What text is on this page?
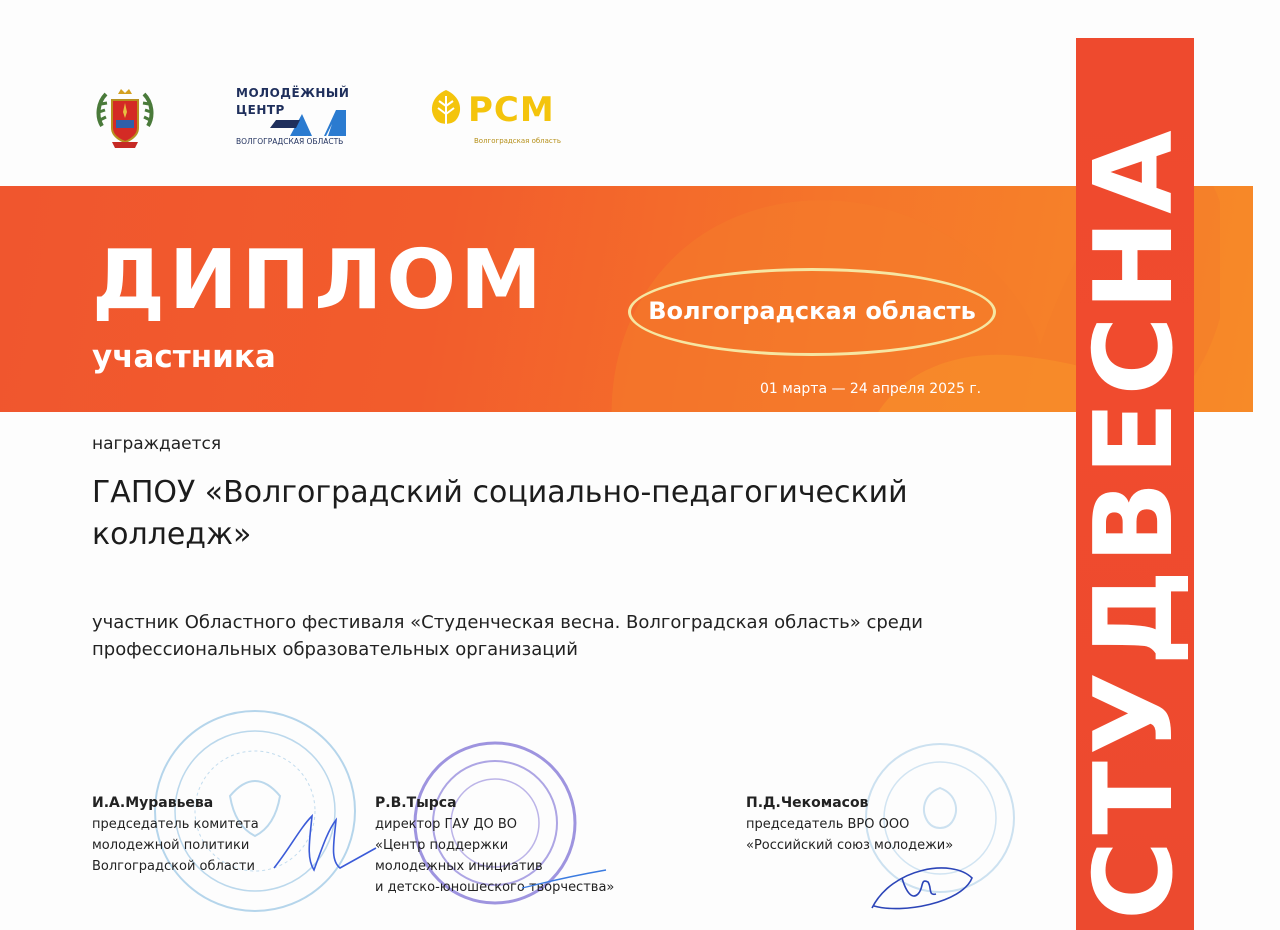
МОЛОДЁЖНЫЙ
ЦЕНТР
ВОЛГОГРАДСКАЯ ОБЛАСТЬ
РСМ
Волгоградская область
ДИПЛОМ
участника
Волгоградская область
01 марта — 24 апреля 2025 г. СТУДВЕСНА
награждается
ГАПОУ «Волгоградский социально-педагогический колледж»
участник Областного фестиваля «Студенческая весна. Волгоградская область» среди профессиональных образовательных организаций
И.А.Муравьева
председатель комитета
молодежной политики
Волгоградской области
Р.В.Тырса
директор ГАУ ДО ВО
«Центр поддержки
молодежных инициатив
и детско-юношеского творчества»
П.Д.Чекомасов
председатель ВРО ООО
«Российский союз молодежи»
